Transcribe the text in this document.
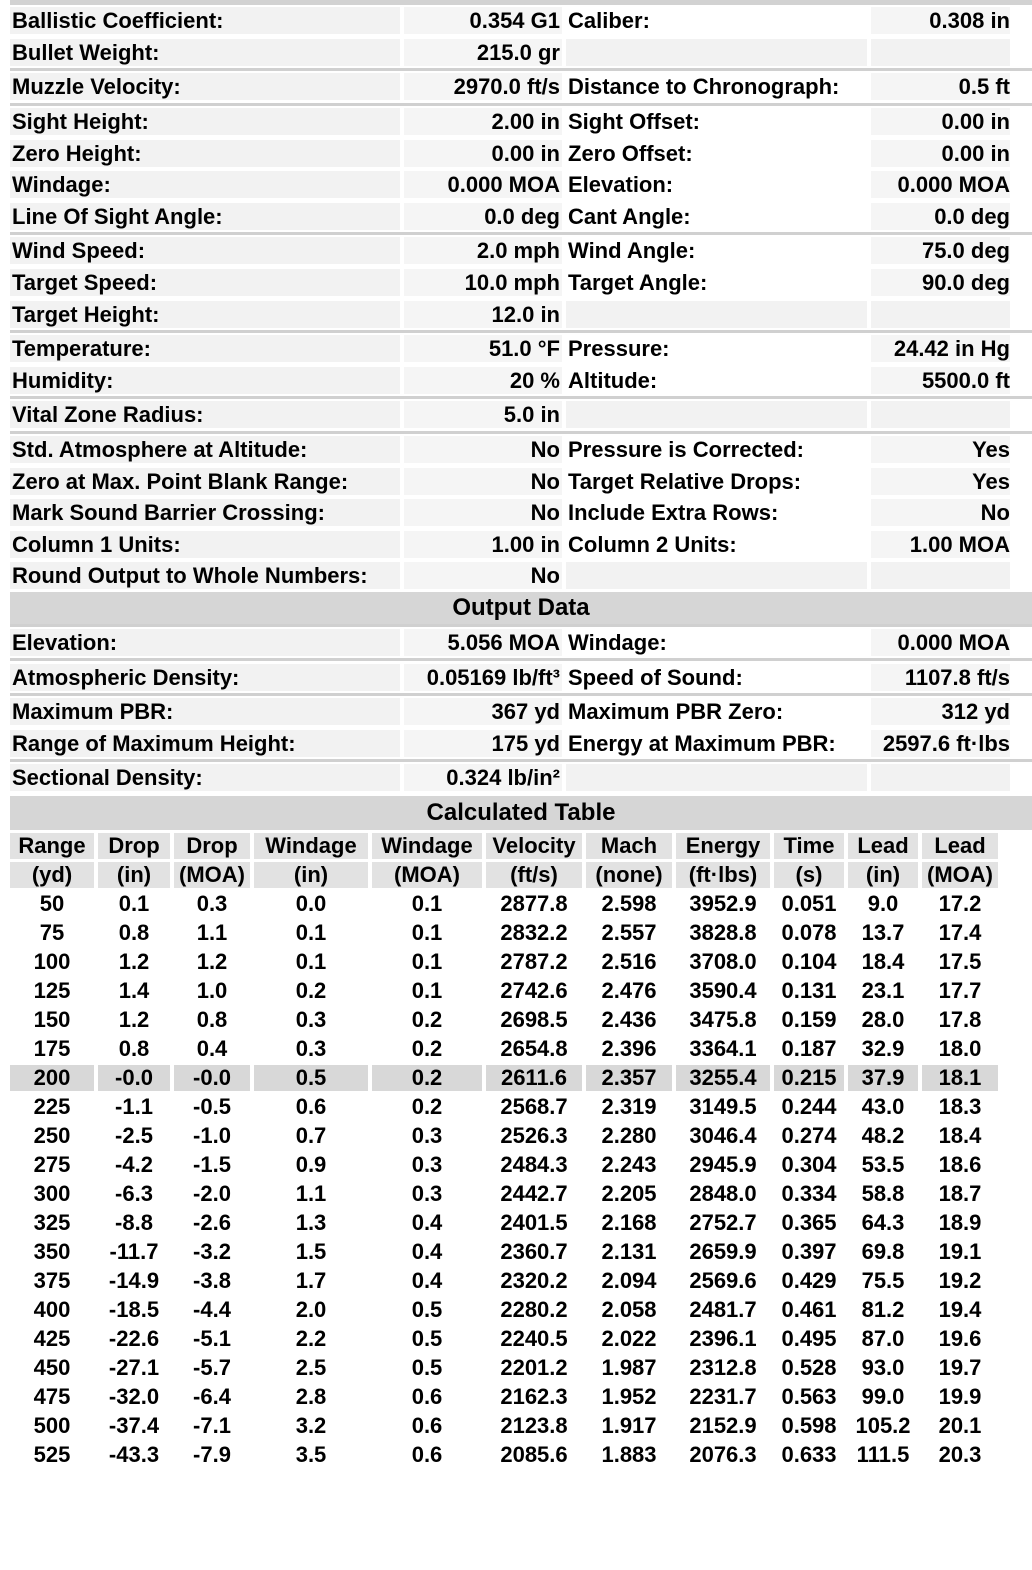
Ballistic Coefficient:	0.354 G1 Caliber:	0.308 in
Bullet Weight:	215.0 gr
Muzzle Velocity:	2970.0 ft/s Distance to Chronograph:	0.5 ft
Sight Height:	2.00 in Sight Offset:	0.00 in
Zero Height:	0.00 in Zero Offset:	0.00 in
Windage:	0.000 MOA Elevation:	0.000 MOA
Line Of Sight Angle:	0.0 deg Cant Angle:	0.0 deg
Wind Speed:	2.0 mph Wind Angle:	75.0 deg
Target Speed:	10.0 mph Target Angle:	90.0 deg
Target Height:	12.0 in
Temperature:	51.0 °F Pressure:	24.42 in Hg
Humidity:	20 % Altitude:	5500.0 ft
Vital Zone Radius:	5.0 in
Std. Atmosphere at Altitude:	No Pressure is Corrected:	Yes
Zero at Max. Point Blank Range:	No Target Relative Drops:	Yes
Mark Sound Barrier Crossing:	No Include Extra Rows:	No
Column 1 Units:	1.00 in Column 2 Units:	1.00 MOA
Round Output to Whole Numbers:	No
Output Data
Elevation:	5.056 MOA Windage:	0.000 MOA
Atmospheric Density:	0.05169 lb/ft³ Speed of Sound:	1107.8 ft/s
Maximum PBR:	367 yd Maximum PBR Zero:	312 yd
Range of Maximum Height:	175 yd Energy at Maximum PBR:	2597.6 ft·lbs
Sectional Density:	0.324 lb/in²
Calculated Table
Range	Drop	Drop	Windage	Windage	Velocity	Mach	Energy	Time	Lead	Lead
(yd)	(in)	(MOA)	(in)	(MOA)	(ft/s)	(none)	(ft·lbs)	(s)	(in)	(MOA)
50	0.1	0.3	0.0	0.1	2877.8	2.598	3952.9	0.051	9.0	17.2
75	0.8	1.1	0.1	0.1	2832.2	2.557	3828.8	0.078	13.7	17.4
100	1.2	1.2	0.1	0.1	2787.2	2.516	3708.0	0.104	18.4	17.5
125	1.4	1.0	0.2	0.1	2742.6	2.476	3590.4	0.131	23.1	17.7
150	1.2	0.8	0.3	0.2	2698.5	2.436	3475.8	0.159	28.0	17.8
175	0.8	0.4	0.3	0.2	2654.8	2.396	3364.1	0.187	32.9	18.0
200	-0.0	-0.0	0.5	0.2	2611.6	2.357	3255.4	0.215	37.9	18.1
225	-1.1	-0.5	0.6	0.2	2568.7	2.319	3149.5	0.244	43.0	18.3
250	-2.5	-1.0	0.7	0.3	2526.3	2.280	3046.4	0.274	48.2	18.4
275	-4.2	-1.5	0.9	0.3	2484.3	2.243	2945.9	0.304	53.5	18.6
300	-6.3	-2.0	1.1	0.3	2442.7	2.205	2848.0	0.334	58.8	18.7
325	-8.8	-2.6	1.3	0.4	2401.5	2.168	2752.7	0.365	64.3	18.9
350	-11.7	-3.2	1.5	0.4	2360.7	2.131	2659.9	0.397	69.8	19.1
375	-14.9	-3.8	1.7	0.4	2320.2	2.094	2569.6	0.429	75.5	19.2
400	-18.5	-4.4	2.0	0.5	2280.2	2.058	2481.7	0.461	81.2	19.4
425	-22.6	-5.1	2.2	0.5	2240.5	2.022	2396.1	0.495	87.0	19.6
450	-27.1	-5.7	2.5	0.5	2201.2	1.987	2312.8	0.528	93.0	19.7
475	-32.0	-6.4	2.8	0.6	2162.3	1.952	2231.7	0.563	99.0	19.9
500	-37.4	-7.1	3.2	0.6	2123.8	1.917	2152.9	0.598	105.2	20.1
525	-43.3	-7.9	3.5	0.6	2085.6	1.883	2076.3	0.633	111.5	20.3
